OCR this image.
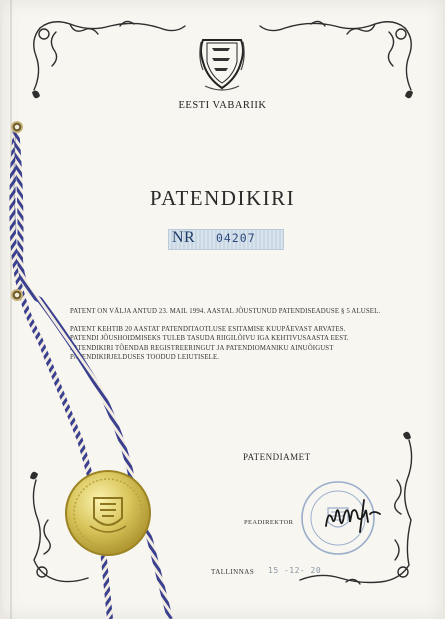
EESTI VABARIIK
PATENDIKIRI
NR 04207
PATENT ON VÄLJA ANTUD 23. MAIL 1994. AASTAL JÕUSTUNUD PATENDISEADUSE § 5 ALUSEL.
PATENT KEHTIB 20 AASTAT PATENDITAOTLUSE ESITAMISE KUUPÄEVAST ARVATES.
PATENDI JÕUSHOIDMISEKS TULEB TASUDA RIIGILÕIVU IGA KEHTIVUSAASTA EEST.
PATENDIKIRI TÕENDAB REGISTREERINGUT JA PATENDIOMANIKU AINUÕIGUST
PATENDIKIRJELDUSES TOODUD LEIUTISELE.
PATENDIAMET
PEADIREKTOR
TALLINNAS 15 -12- 20
